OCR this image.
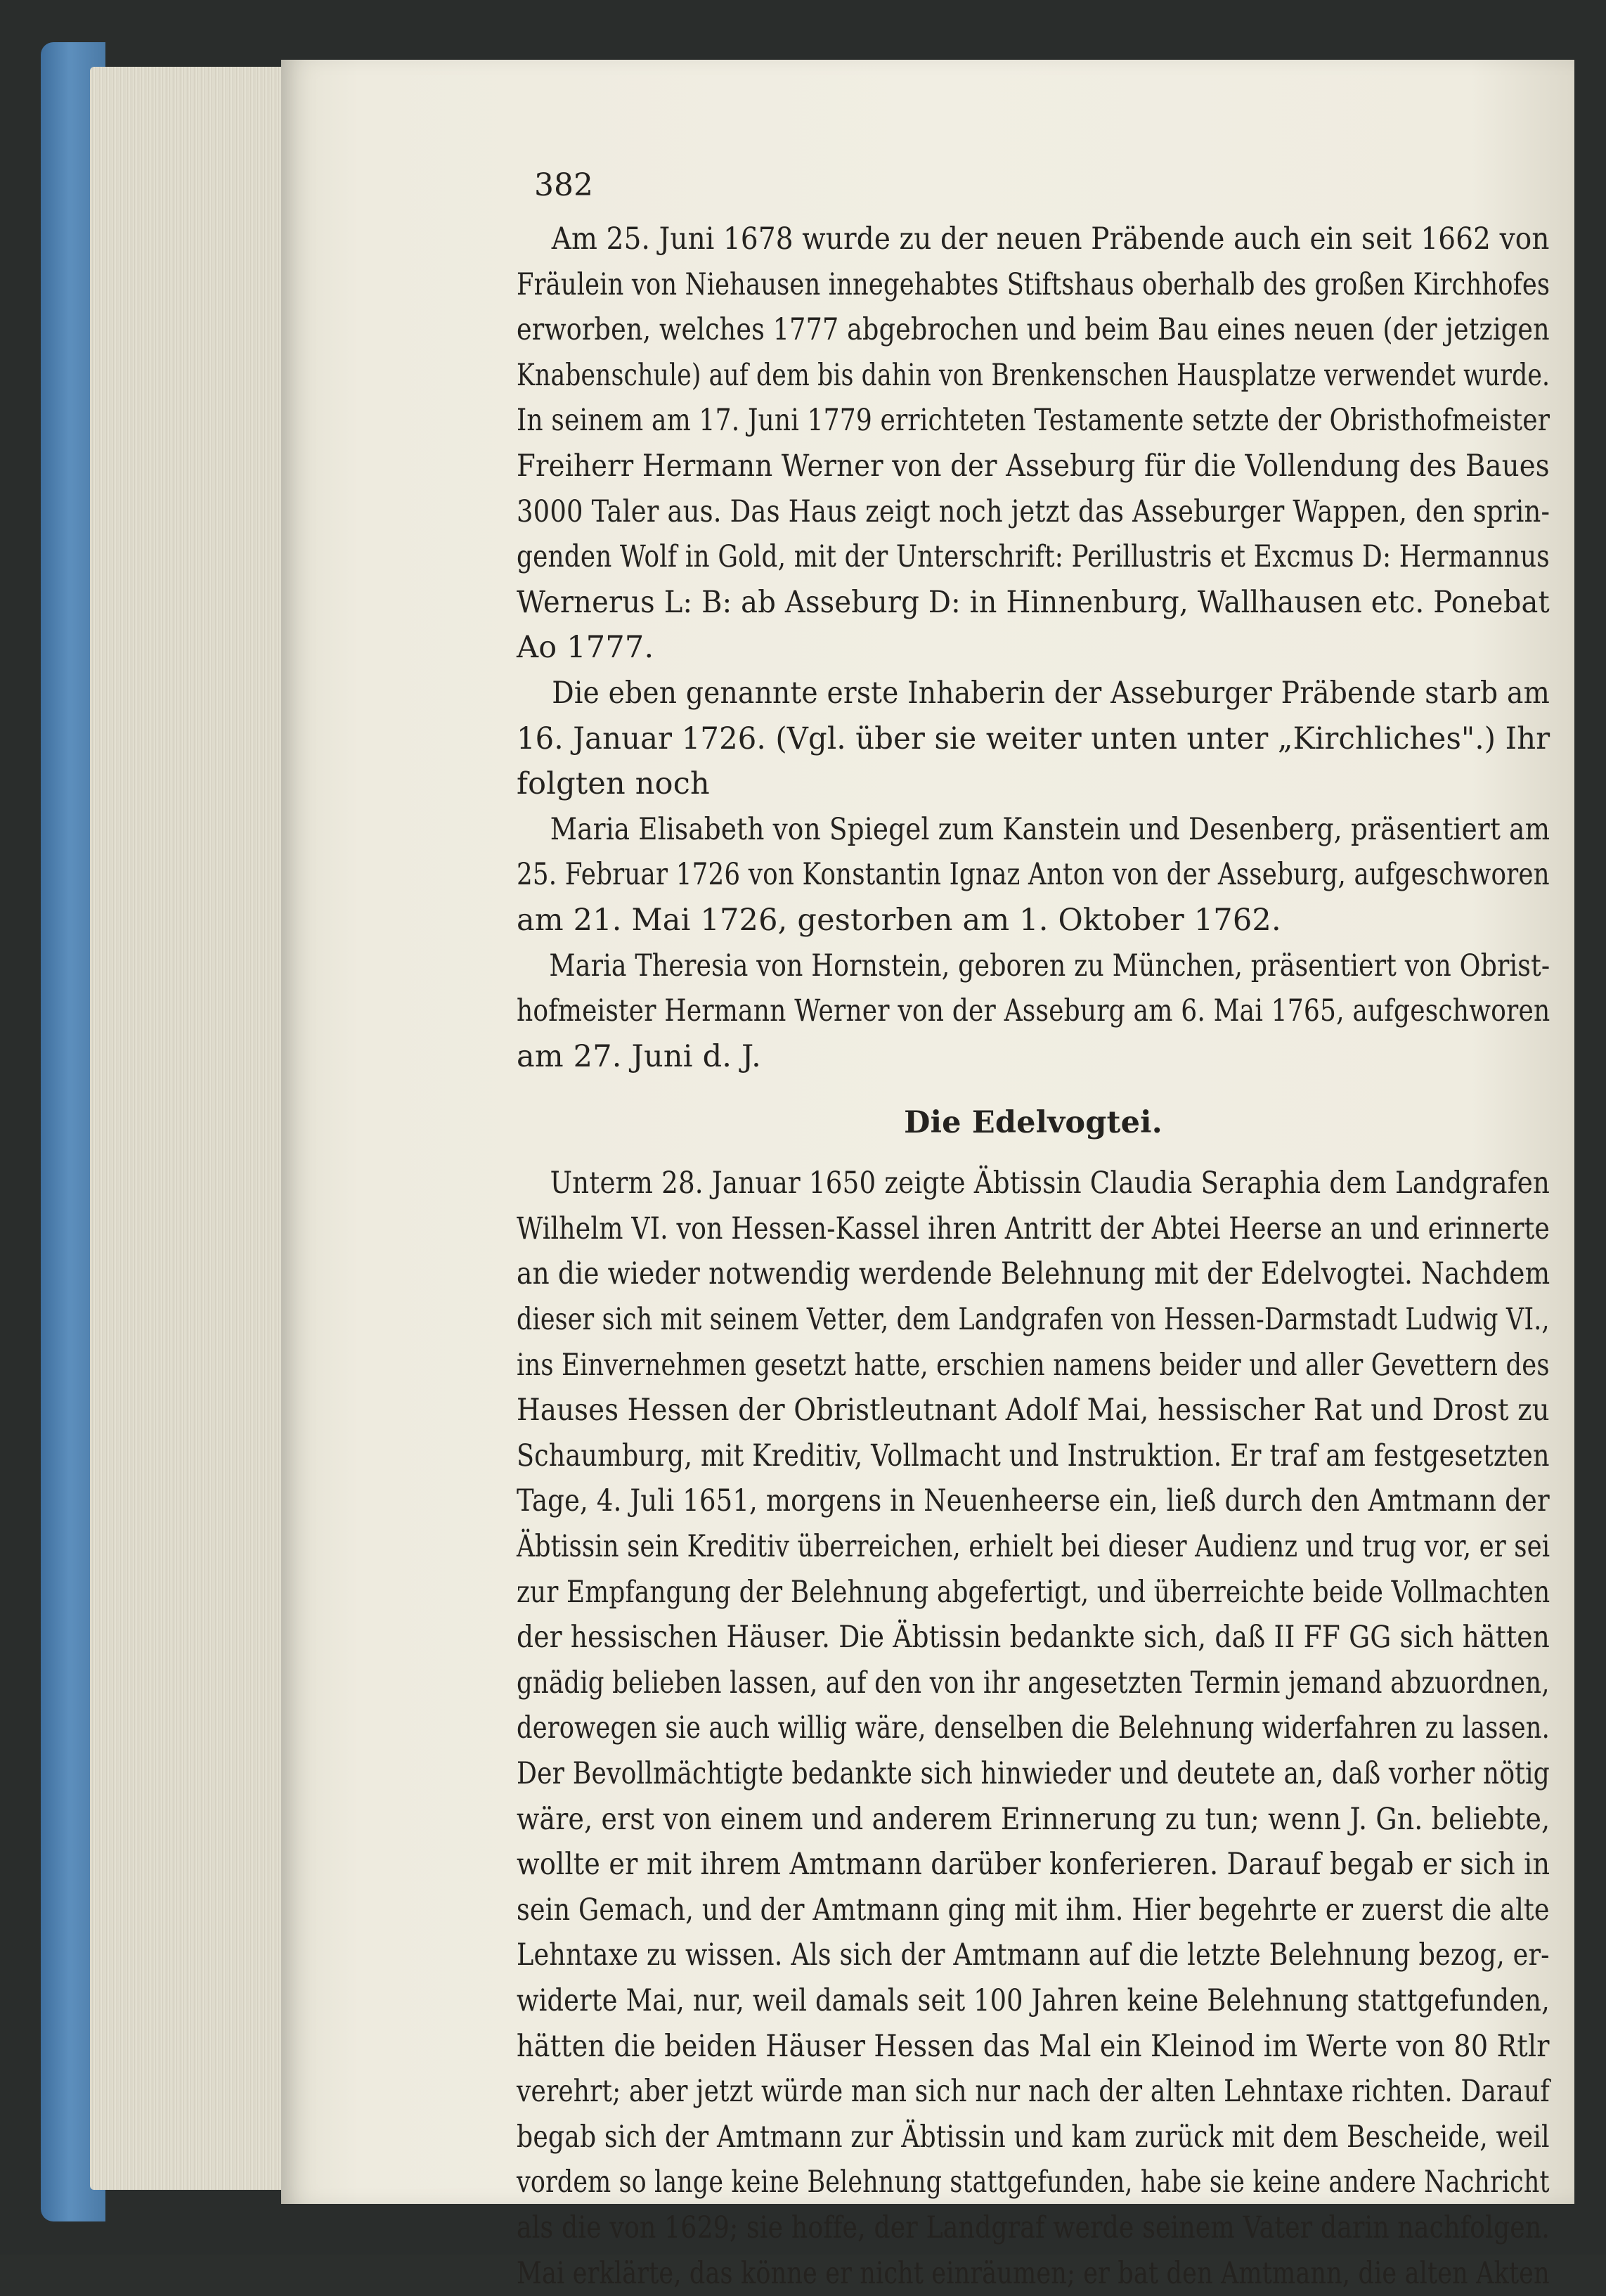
382
Am 25. Juni 1678 wurde zu der neuen Präbende auch ein seit 1662 von
Fräulein von Niehausen innegehabtes Stiftshaus oberhalb des großen Kirchhofes
erworben, welches 1777 abgebrochen und beim Bau eines neuen (der jetzigen
Knabenschule) auf dem bis dahin von Brenkenschen Hausplatze verwendet wurde.
In seinem am 17. Juni 1779 errichteten Testamente setzte der Obristhofmeister
Freiherr Hermann Werner von der Asseburg für die Vollendung des Baues
3000 Taler aus. Das Haus zeigt noch jetzt das Asseburger Wappen, den sprin-
genden Wolf in Gold, mit der Unterschrift: Perillustris et Excmus D: Hermannus
Wernerus L: B: ab Asseburg D: in Hinnenburg, Wallhausen etc. Ponebat
Ao 1777.
Die eben genannte erste Inhaberin der Asseburger Präbende starb am
16. Januar 1726. (Vgl. über sie weiter unten unter „Kirchliches".) Ihr
folgten noch
Maria Elisabeth von Spiegel zum Kanstein und Desenberg, präsentiert am
25. Februar 1726 von Konstantin Ignaz Anton von der Asseburg, aufgeschworen
am 21. Mai 1726, gestorben am 1. Oktober 1762.
Maria Theresia von Hornstein, geboren zu München, präsentiert von Obrist-
hofmeister Hermann Werner von der Asseburg am 6. Mai 1765, aufgeschworen
am 27. Juni d. J.
Die Edelvogtei.
Unterm 28. Januar 1650 zeigte Äbtissin Claudia Seraphia dem Landgrafen
Wilhelm VI. von Hessen-Kassel ihren Antritt der Abtei Heerse an und erinnerte
an die wieder notwendig werdende Belehnung mit der Edelvogtei. Nachdem
dieser sich mit seinem Vetter, dem Landgrafen von Hessen-Darmstadt Ludwig VI.,
ins Einvernehmen gesetzt hatte, erschien namens beider und aller Gevettern des
Hauses Hessen der Obristleutnant Adolf Mai, hessischer Rat und Drost zu
Schaumburg, mit Kreditiv, Vollmacht und Instruktion. Er traf am festgesetzten
Tage, 4. Juli 1651, morgens in Neuenheerse ein, ließ durch den Amtmann der
Äbtissin sein Kreditiv überreichen, erhielt bei dieser Audienz und trug vor, er sei
zur Empfangung der Belehnung abgefertigt, und überreichte beide Vollmachten
der hessischen Häuser. Die Äbtissin bedankte sich, daß II FF GG sich hätten
gnädig belieben lassen, auf den von ihr angesetzten Termin jemand abzuordnen,
derowegen sie auch willig wäre, denselben die Belehnung widerfahren zu lassen.
Der Bevollmächtigte bedankte sich hinwieder und deutete an, daß vorher nötig
wäre, erst von einem und anderem Erinnerung zu tun; wenn J. Gn. beliebte,
wollte er mit ihrem Amtmann darüber konferieren. Darauf begab er sich in
sein Gemach, und der Amtmann ging mit ihm. Hier begehrte er zuerst die alte
Lehntaxe zu wissen. Als sich der Amtmann auf die letzte Belehnung bezog, er-
widerte Mai, nur, weil damals seit 100 Jahren keine Belehnung stattgefunden,
hätten die beiden Häuser Hessen das Mal ein Kleinod im Werte von 80 Rtlr
verehrt; aber jetzt würde man sich nur nach der alten Lehntaxe richten. Darauf
begab sich der Amtmann zur Äbtissin und kam zurück mit dem Bescheide, weil
vordem so lange keine Belehnung stattgefunden, habe sie keine andere Nachricht
als die von 1629; sie hoffe, der Landgraf werde seinem Vater darin nachfolgen.
Mai erklärte, das könne er nicht einräumen; er bat den Amtmann, die alten Akten
